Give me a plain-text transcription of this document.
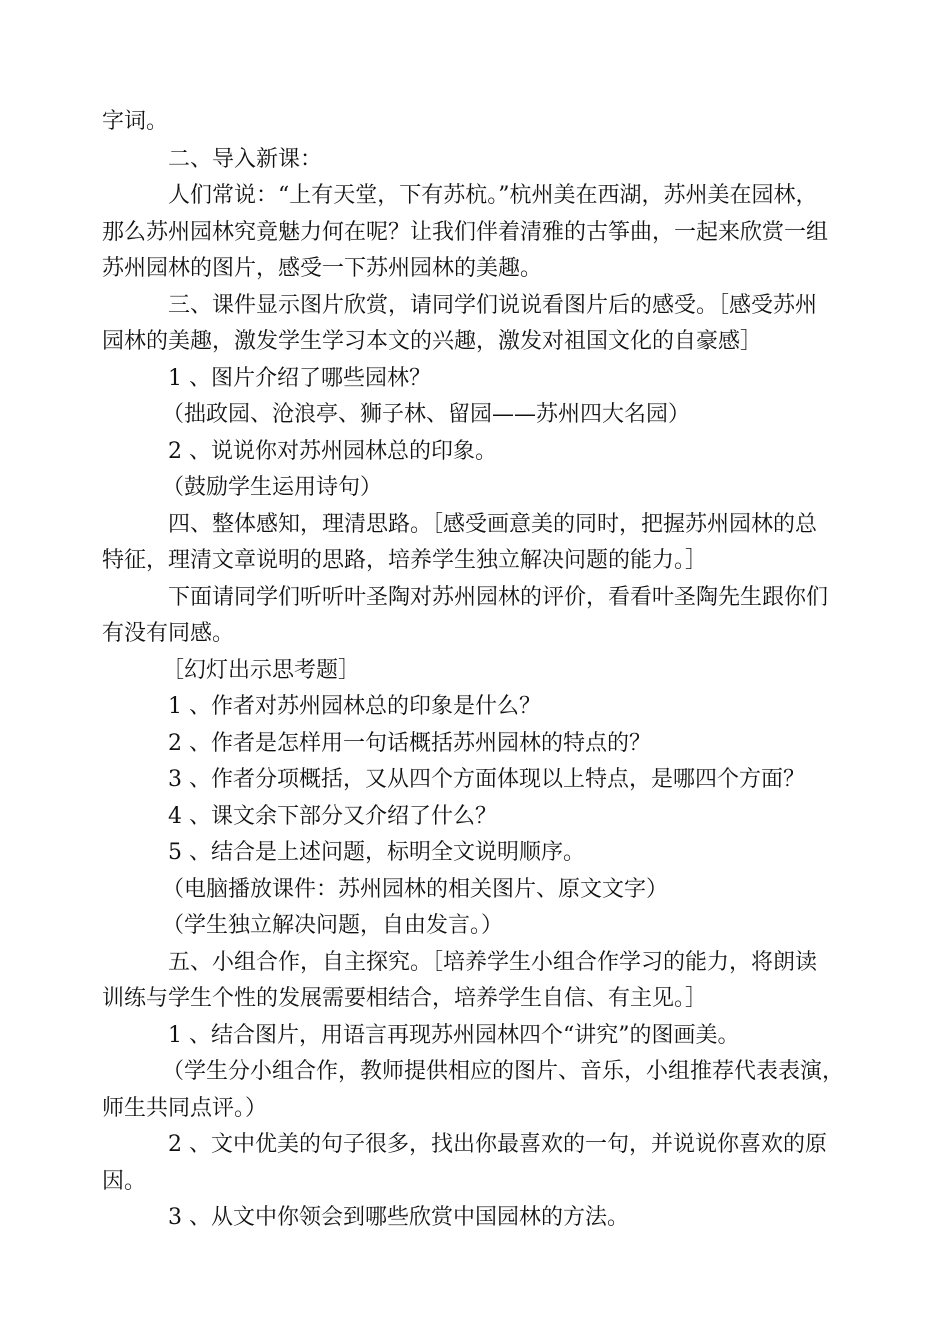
字词。
二、导入新课：
人们常说：“上有天堂，下有苏杭。”杭州美在西湖，苏州美在园林，
那么苏州园林究竟魅力何在呢？让我们伴着清雅的古筝曲，一起来欣赏一组
苏州园林的图片，感受一下苏州园林的美趣。
三、课件显示图片欣赏，请同学们说说看图片后的感受。［感受苏州
园林的美趣，激发学生学习本文的兴趣，激发对祖国文化的自豪感］
1 、图片介绍了哪些园林？
（拙政园、沧浪亭、狮子林、留园——苏州四大名园）
2 、说说你对苏州园林总的印象。
（鼓励学生运用诗句）
四、整体感知，理清思路。［感受画意美的同时，把握苏州园林的总
特征，理清文章说明的思路，培养学生独立解决问题的能力。］
下面请同学们听听叶圣陶对苏州园林的评价，看看叶圣陶先生跟你们
有没有同感。
［幻灯出示思考题］
1 、作者对苏州园林总的印象是什么？
2 、作者是怎样用一句话概括苏州园林的特点的？
3 、作者分项概括，又从四个方面体现以上特点，是哪四个方面？
4 、课文余下部分又介绍了什么？
5 、结合是上述问题，标明全文说明顺序。
（电脑播放课件：苏州园林的相关图片、原文文字）
（学生独立解决问题，自由发言。）
五、小组合作，自主探究。［培养学生小组合作学习的能力，将朗读
训练与学生个性的发展需要相结合，培养学生自信、有主见。］
1 、结合图片，用语言再现苏州园林四个“讲究”的图画美。
（学生分小组合作，教师提供相应的图片、音乐，小组推荐代表表演，
师生共同点评。）
2 、文中优美的句子很多，找出你最喜欢的一句，并说说你喜欢的原
因。
3 、从文中你领会到哪些欣赏中国园林的方法。
